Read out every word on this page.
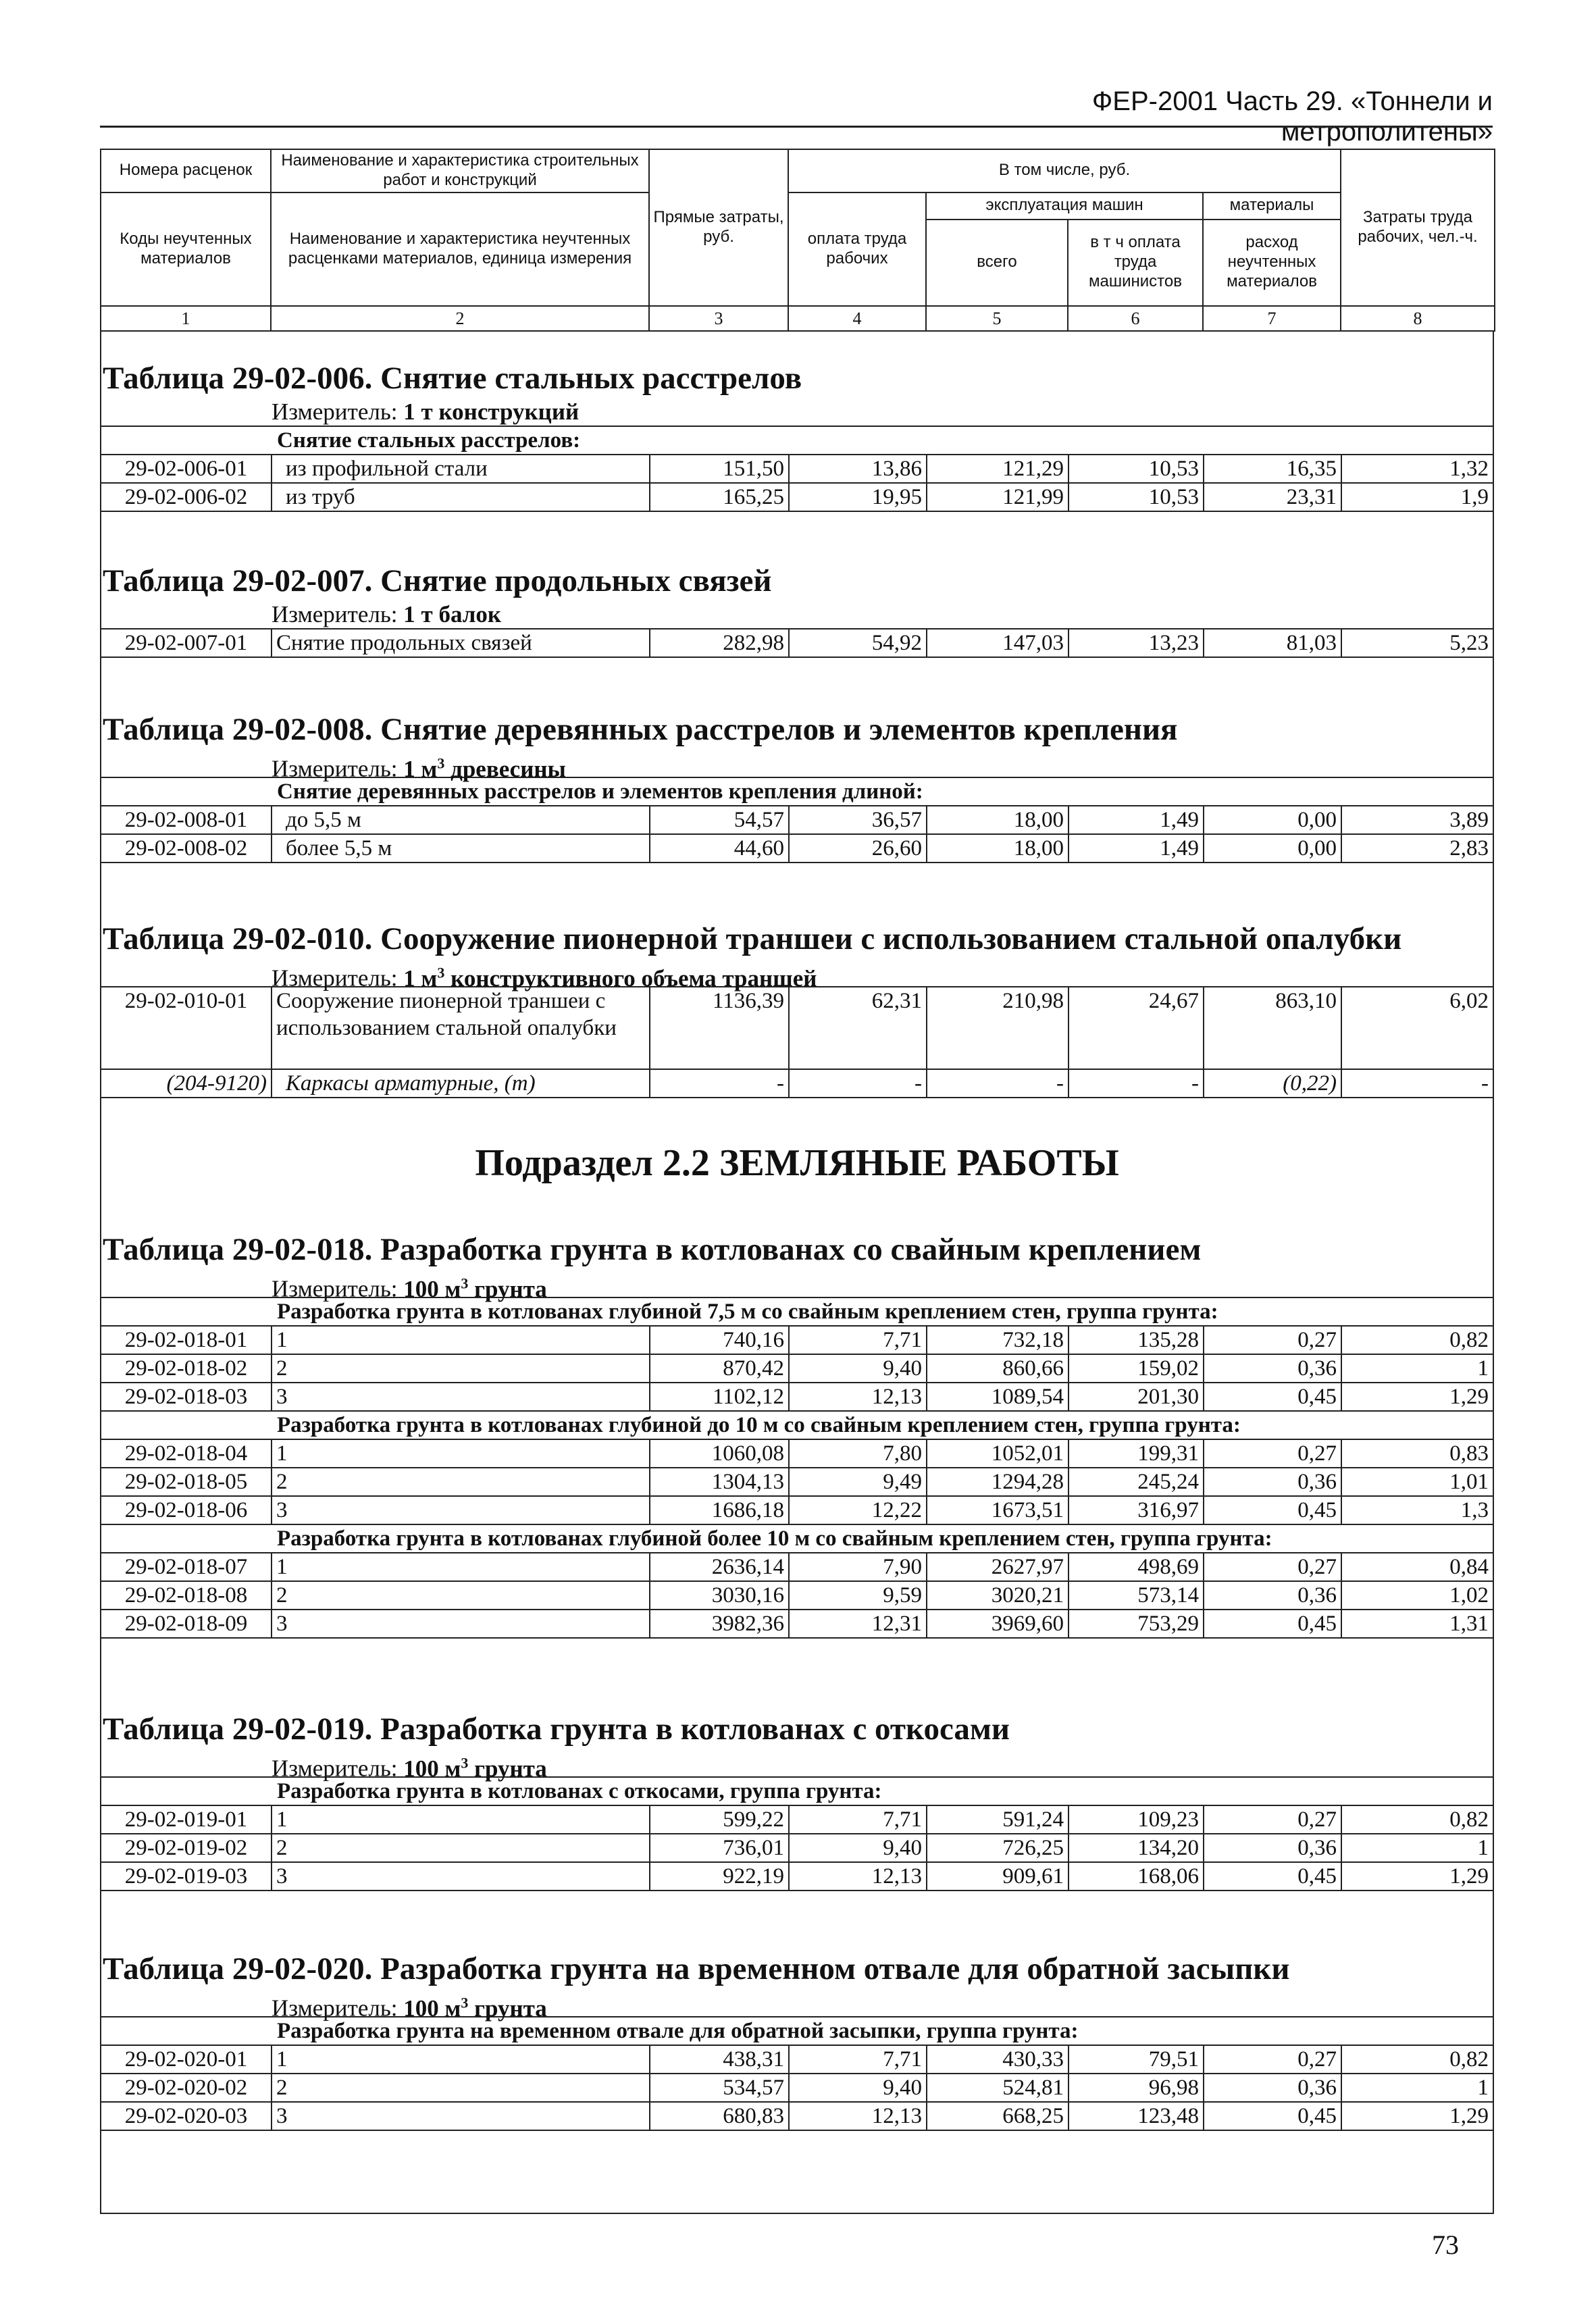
ФЕР-2001 Часть 29. «Тоннели и метрополитены»
Номера расценок	Наименование и характеристика строительных работ и конструкций	Прямые затраты, руб.	В том числе, руб.				Затраты труда рабочих, чел.-ч.
Коды неучтенных материалов	Наименование и характеристика неучтенных расценками материалов, единица измерения		оплата труда рабочих	эксплуатация машин		материалы	
				всего	в т ч оплата труда машинистов	расход неучтенных материалов	
1	2	3	4	5	6	7	8
Таблица 29-02-006. Снятие стальных расстрелов
Измеритель: 1 т конструкций
Снятие стальных расстрелов:
29-02-006-01	из профильной стали	151,50	13,86	121,29	10,53	16,35	1,32
29-02-006-02	из труб	165,25	19,95	121,99	10,53	23,31	1,9
Таблица 29-02-007. Снятие продольных связей
Измеритель: 1 т балок
29-02-007-01	Снятие продольных связей	282,98	54,92	147,03	13,23	81,03	5,23
Таблица 29-02-008. Снятие деревянных расстрелов и элементов крепления
Измеритель: 1 $м^3$ древесины
Снятие деревянных расстрелов и элементов крепления длиной:
29-02-008-01	до 5,5 м	54,57	36,57	18,00	1,49	0,00	3,89
29-02-008-02	более 5,5 м	44,60	26,60	18,00	1,49	0,00	2,83
Таблица 29-02-010. Сооружение пионерной траншеи с использованием стальной опалубки
Измеритель: 1 $м^3$ конструктивного объема траншей
29-02-010-01	Сооружение пионерной траншеи с использованием стальной опалубки	1136,39	62,31	210,98	24,67	863,10	6,02
(204-9120)	Каркасы арматурные, (т)	-	-	-	-	(0,22)	-
Подраздел 2.2 ЗЕМЛЯНЫЕ РАБОТЫ
Таблица 29-02-018. Разработка грунта в котлованах со свайным креплением
Измеритель: 100 $м^3$ грунта
Разработка грунта в котлованах глубиной 7,5 м со свайным креплением стен, группа грунта:
29-02-018-01	1	740,16	7,71	732,18	135,28	0,27	0,82
29-02-018-02	2	870,42	9,40	860,66	159,02	0,36	1
29-02-018-03	3	1102,12	12,13	1089,54	201,30	0,45	1,29
Разработка грунта в котлованах глубиной до 10 м со свайным креплением стен, группа грунта:
29-02-018-04	1	1060,08	7,80	1052,01	199,31	0,27	0,83
29-02-018-05	2	1304,13	9,49	1294,28	245,24	0,36	1,01
29-02-018-06	3	1686,18	12,22	1673,51	316,97	0,45	1,3
Разработка грунта в котлованах глубиной более 10 м со свайным креплением стен, группа грунта:
29-02-018-07	1	2636,14	7,90	2627,97	498,69	0,27	0,84
29-02-018-08	2	3030,16	9,59	3020,21	573,14	0,36	1,02
29-02-018-09	3	3982,36	12,31	3969,60	753,29	0,45	1,31
Таблица 29-02-019. Разработка грунта в котлованах с откосами
Измеритель: 100 $м^3$ грунта
Разработка грунта в котлованах с откосами, группа грунта:
29-02-019-01	1	599,22	7,71	591,24	109,23	0,27	0,82
29-02-019-02	2	736,01	9,40	726,25	134,20	0,36	1
29-02-019-03	3	922,19	12,13	909,61	168,06	0,45	1,29
Таблица 29-02-020. Разработка грунта на временном отвале для обратной засыпки
Измеритель: 100 $м^3$ грунта
Разработка грунта на временном отвале для обратной засыпки, группа грунта:
29-02-020-01	1	438,31	7,71	430,33	79,51	0,27	0,82
29-02-020-02	2	534,57	9,40	524,81	96,98	0,36	1
29-02-020-03	3	680,83	12,13	668,25	123,48	0,45	1,29
73
